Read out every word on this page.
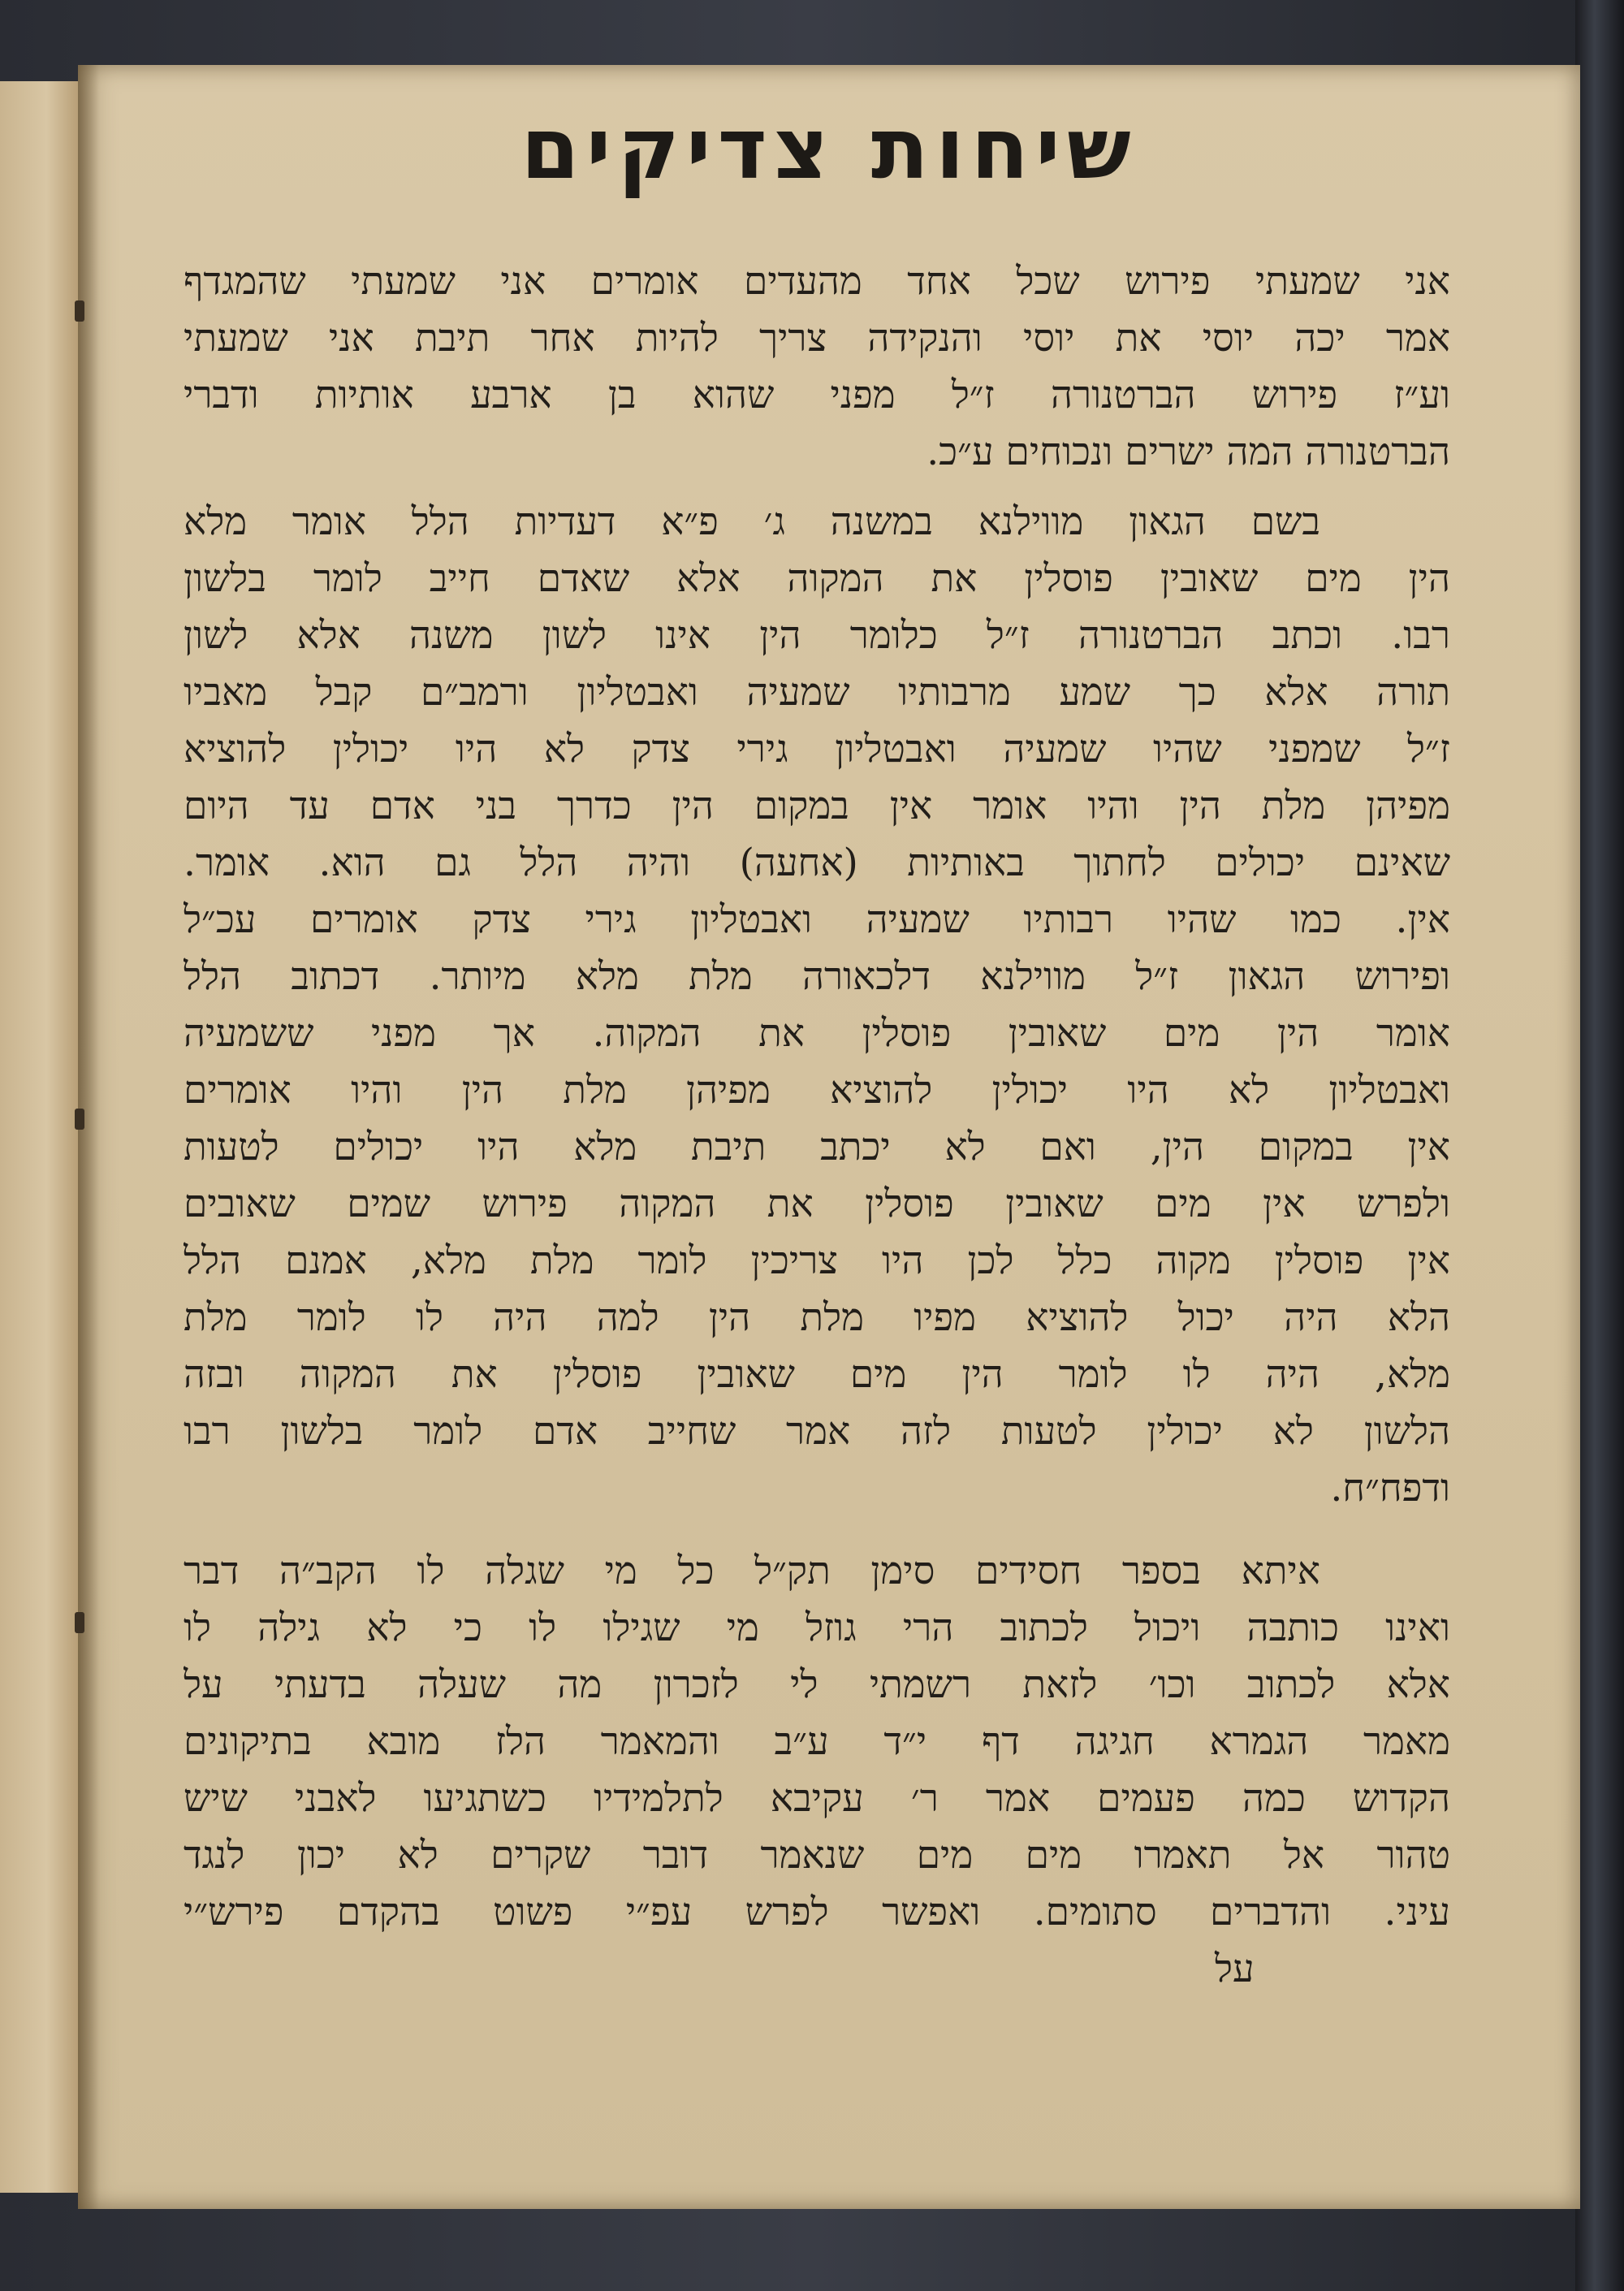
שיחות צדיקים
אני שמעתי פירוש שכל אחד מהעדים אומרים אני שמעתי שהמגדף
אמר יכה יוסי את יוסי והנקידה צריך להיות אחר תיבת אני שמעתי
וע״ז פירוש הברטנורה ז״ל מפני שהוא בן ארבע אותיות ודברי
הברטנורה המה ישרים ונכוחים ע״כ.
בשם הגאון מווילנא במשנה ג׳ פ״א דעדיות הלל אומר מלא
הין מים שאובין פוסלין את המקוה אלא שאדם חייב לומר בלשון
רבו. וכתב הברטנורה ז״ל כלומר הין אינו לשון משנה אלא לשון
תורה אלא כך שמע מרבותיו שמעיה ואבטליון ורמב״ם קבל מאביו
ז״ל שמפני שהיו שמעיה ואבטליון גירי צדק לא היו יכולין להוציא
מפיהן מלת הין והיו אומר אין במקום הין כדרך בני אדם עד היום
שאינם יכולים לחתוך באותיות (אחעה) והיה הלל גם הוא. אומר.
אין. כמו שהיו רבותיו שמעיה ואבטליון גירי צדק אומרים עכ״ל
ופירוש הגאון ז״ל מווילנא דלכאורה מלת מלא מיותר. דכתוב הלל
אומר הין מים שאובין פוסלין את המקוה. אך מפני ששמעיה
ואבטליון לא היו יכולין להוציא מפיהן מלת הין והיו אומרים
אין במקום הין, ואם לא יכתב תיבת מלא היו יכולים לטעות
ולפרש אין מים שאובין פוסלין את המקוה פירוש שמים שאובים
אין פוסלין מקוה כלל לכן היו צריכין לומר מלת מלא, אמנם הלל
הלא היה יכול להוציא מפיו מלת הין למה היה לו לומר מלת
מלא, היה לו לומר הין מים שאובין פוסלין את המקוה ובזה
הלשון לא יכולין לטעות לזה אמר שחייב אדם לומר בלשון רבו
ודפח״ח.
איתא בספר חסידים סימן תק״ל כל מי שגלה לו הקב״ה דבר
ואינו כותבה ויכול לכתוב הרי גוזל מי שגילו לו כי לא גילה לו
אלא לכתוב וכו׳ לזאת רשמתי לי לזכרון מה שעלה בדעתי על
מאמר הגמרא חגיגה דף י״ד ע״ב והמאמר הלז מובא בתיקונים
הקדוש כמה פעמים אמר ר׳ עקיבא לתלמידיו כשתגיעו לאבני שיש
טהור אל תאמרו מים מים שנאמר דובר שקרים לא יכון לנגד
עיני. והדברים סתומים. ואפשר לפרש עפ״י פשוט בהקדם פירש״י
על
